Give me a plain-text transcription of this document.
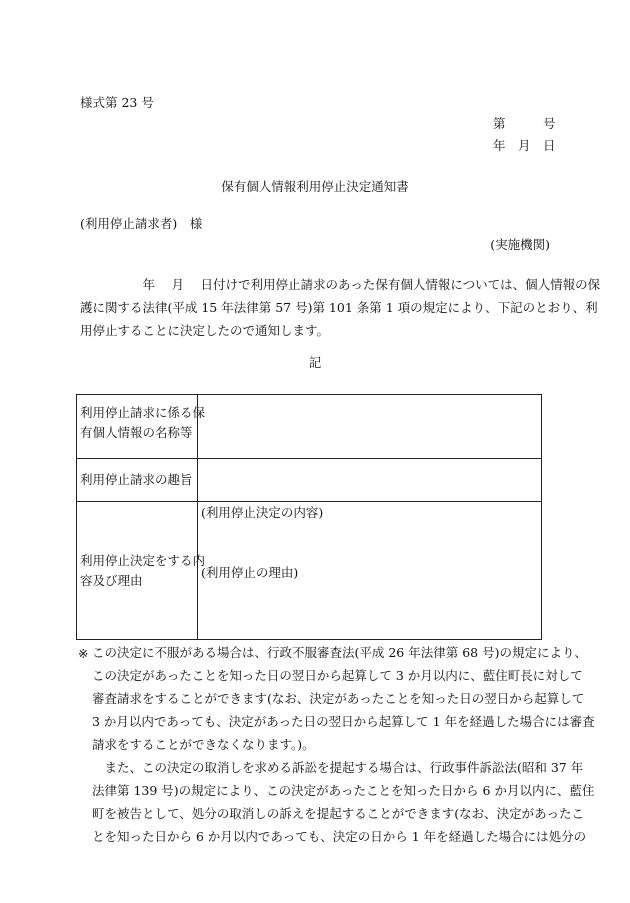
様式第 23 号
第　　　号
年　月　日
保有個人情報利用停止決定通知書
(利用停止請求者)　様
(実施機関)
　　　　　年　 月　 日付けで利用停止請求のあった保有個人情報については、個人情報の保
護に関する法律(平成 15 年法律第 57 号)第 101 条第 1 項の規定により、下記のとおり、利
用停止することに決定したので通知します。
記
利用停止請求に係る保
有個人情報の名称等
利用停止請求の趣旨
利用停止決定をする内
容及び理由
(利用停止決定の内容)
(利用停止の理由)
※ この決定に不服がある場合は、行政不服審査法(平成 26 年法律第 68 号)の規定により、
この決定があったことを知った日の翌日から起算して 3 か月以内に、藍住町長に対して
審査請求をすることができます(なお、決定があったことを知った日の翌日から起算して
3 か月以内であっても、決定があった日の翌日から起算して 1 年を経過した場合には審査
請求をすることができなくなります。)。
　また、この決定の取消しを求める訴訟を提起する場合は、行政事件訴訟法(昭和 37 年
法律第 139 号)の規定により、この決定があったことを知った日から 6 か月以内に、藍住
町を被告として、処分の取消しの訴えを提起することができます(なお、決定があったこ
とを知った日から 6 か月以内であっても、決定の日から 1 年を経過した場合には処分の
